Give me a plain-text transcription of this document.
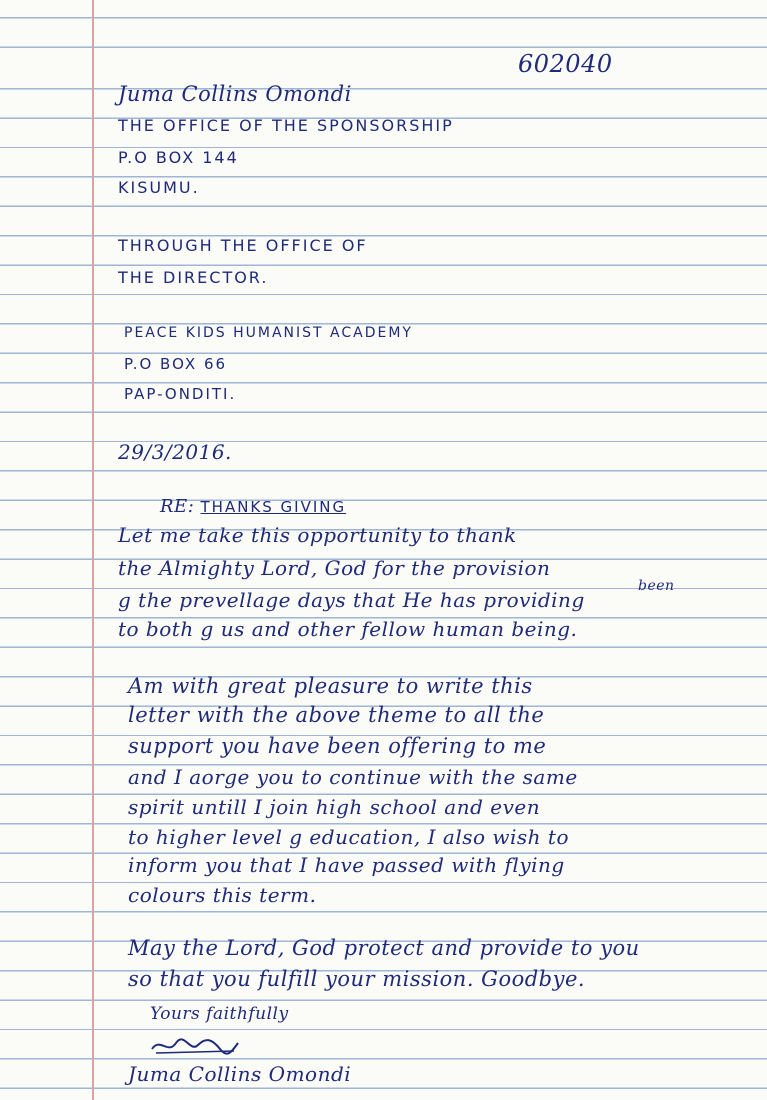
602040
Juma Collins Omondi
THE OFFICE OF THE SPONSORSHIP
P.O BOX 144
KISUMU.
THROUGH THE OFFICE OF
THE DIRECTOR.
PEACE KIDS HUMANIST ACADEMY
P.O BOX 66
PAP-ONDITI.
29/3/2016.
RE: THANKS GIVING
Let me take this opportunity to thank
the Almighty Lord, God for the provision
been
g the prevellage days that He has providing
to both g us and other fellow human being.
Am with great pleasure to write this
letter with the above theme to all the
support you have been offering to me
and I aorge you to continue with the same
spirit untill I join high school and even
to higher level g education, I also wish to
inform you that I have passed with flying
colours this term.
May the Lord, God protect and provide to you
so that you fulfill your mission. Goodbye.
Yours faithfully
Juma Collins Omondi
